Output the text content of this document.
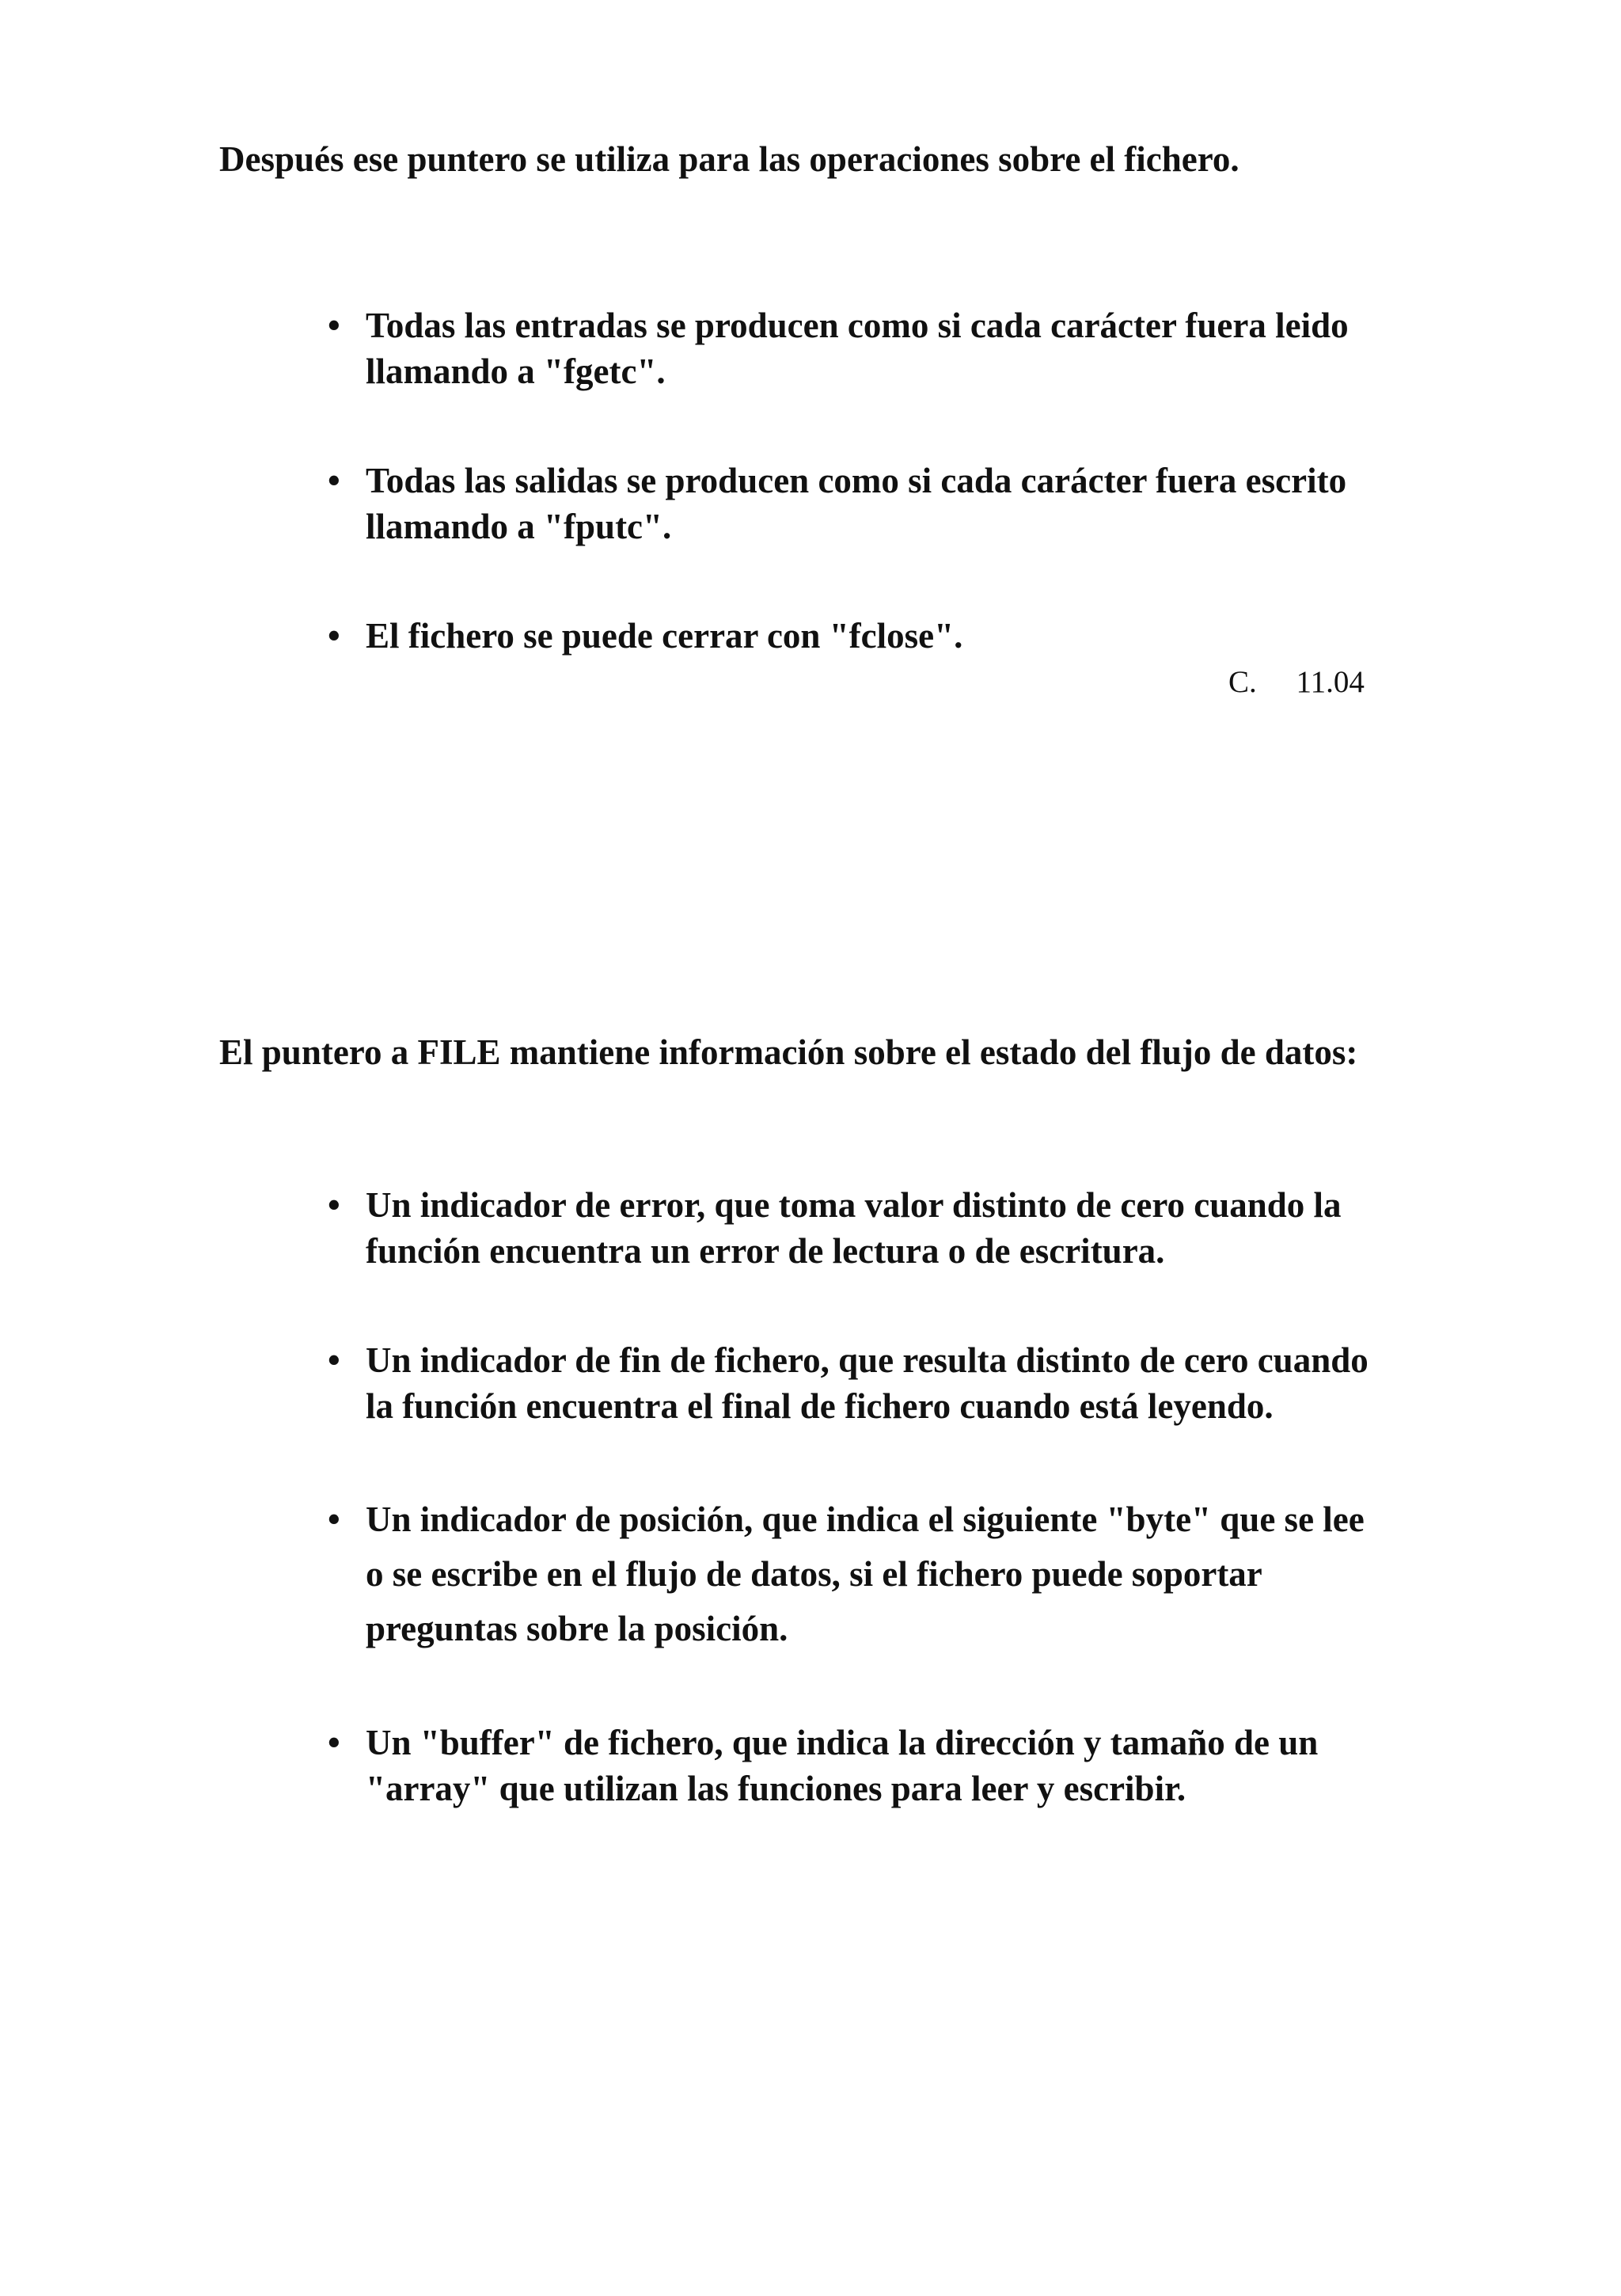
Después ese puntero se utiliza para las operaciones sobre el fichero.

• Todas las entradas se producen como si cada carácter fuera leido llamando a "fgetc".
• Todas las salidas se producen como si cada carácter fuera escrito llamando a "fputc".
• El fichero se puede cerrar con "fclose".
C. 11.04

El puntero a FILE mantiene información sobre el estado del flujo de datos:

• Un indicador de error, que toma valor distinto de cero cuando la función encuentra un error de lectura o de escritura.
• Un indicador de fin de fichero, que resulta distinto de cero cuando la función encuentra el final de fichero cuando está leyendo.
• Un indicador de posición, que indica el siguiente "byte" que se lee o se escribe en el flujo de datos, si el fichero puede soportar preguntas sobre la posición.
• Un "buffer" de fichero, que indica la dirección y tamaño de un "array" que utilizan las funciones para leer y escribir.
